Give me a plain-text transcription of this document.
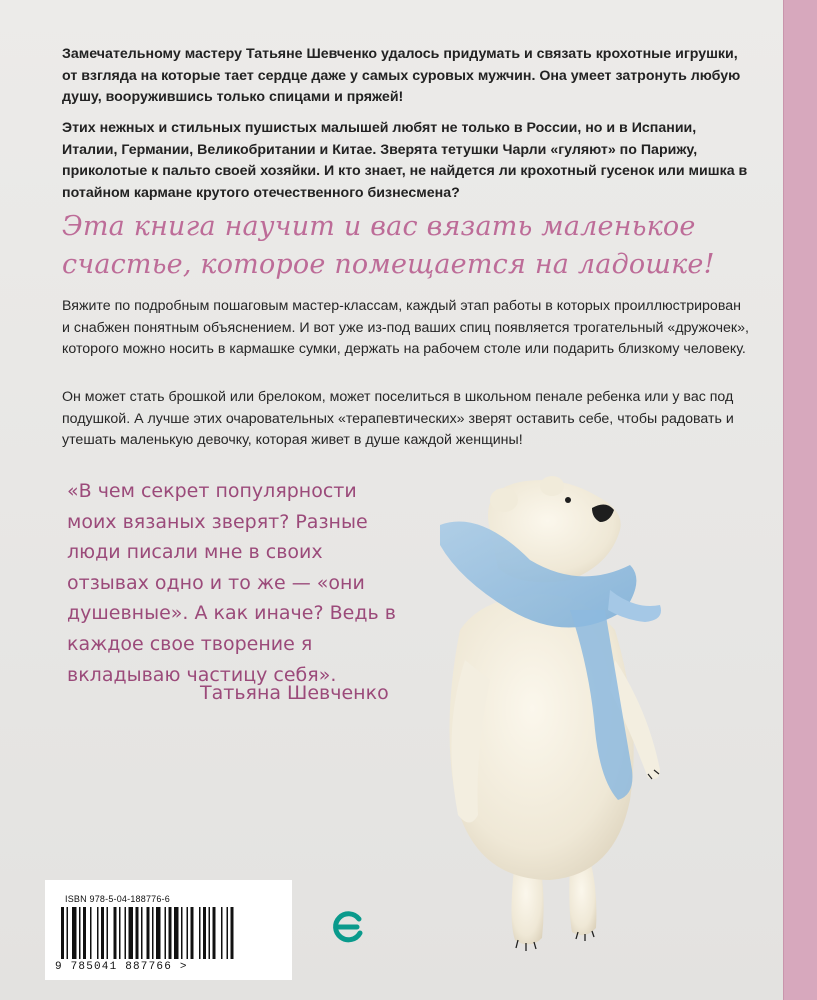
Замечательному мастеру Татьяне Шевченко удалось придумать и связать крохотные игрушки, от взгляда на которые тает сердце даже у самых суровых мужчин. Она умеет затронуть любую душу, вооружившись только спицами и пряжей!

Этих нежных и стильных пушистых малышей любят не только в России, но и в Испании, Италии, Германии, Великобритании и Китае. Зверята тетушки Чарли «гуляют» по Парижу, приколотые к пальто своей хозяйки. И кто знает, не найдется ли крохотный гусенок или мишка в потайном кармане крутого отечественного бизнесмена?

Эта книга научит и вас вязать маленькое счастье, которое помещается на ладошке!

Вяжите по подробным пошаговым мастер-классам, каждый этап работы в которых проиллюстрирован и снабжен понятным объяснением. И вот уже из-под ваших спиц появляется трогательный «дружочек», которого можно носить в кармашке сумки, держать на рабочем столе или подарить близкому человеку.

Он может стать брошкой или брелоком, может поселиться в школьном пенале ребенка или у вас под подушкой. А лучше этих очаровательных «терапевтических» зверят оставить себе, чтобы радовать и утешать маленькую девочку, которая живет в душе каждой женщины!

«В чем секрет популярности моих вязаных зверят? Разные люди писали мне в своих отзывах одно и то же — «они душевные». А как иначе? Ведь в каждое свое творение я вкладываю частицу себя».

Татьяна Шевченко

ISBN 978-5-04-188776-6
9 785041 887766 >
